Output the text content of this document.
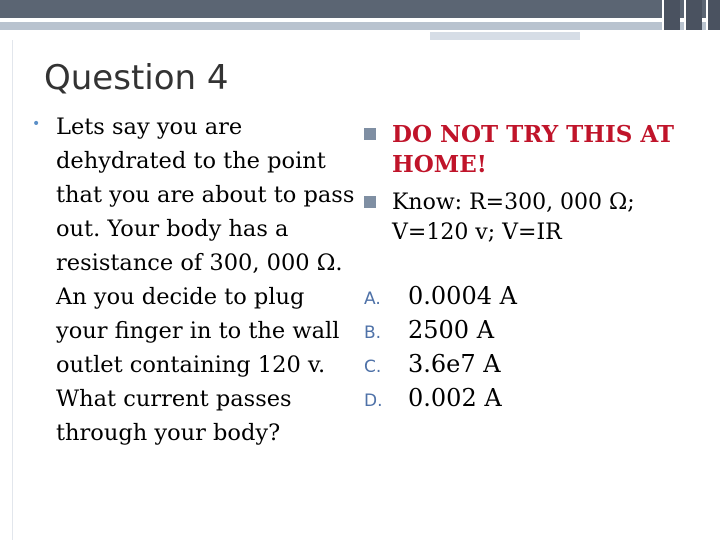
Question 4
• Lets say you are dehydrated to the point that you are about to pass out. Your body has a resistance of 300, 000 Ω. An you decide to plug your finger in to the wall outlet containing 120 v. What current passes through your body?
DO NOT TRY THIS AT HOME!
Know: R=300, 000 Ω; V=120 v; V=IR
A.	0.0004 A
B.	2500 A
C.	3.6e7 A
D.	0.002 A
